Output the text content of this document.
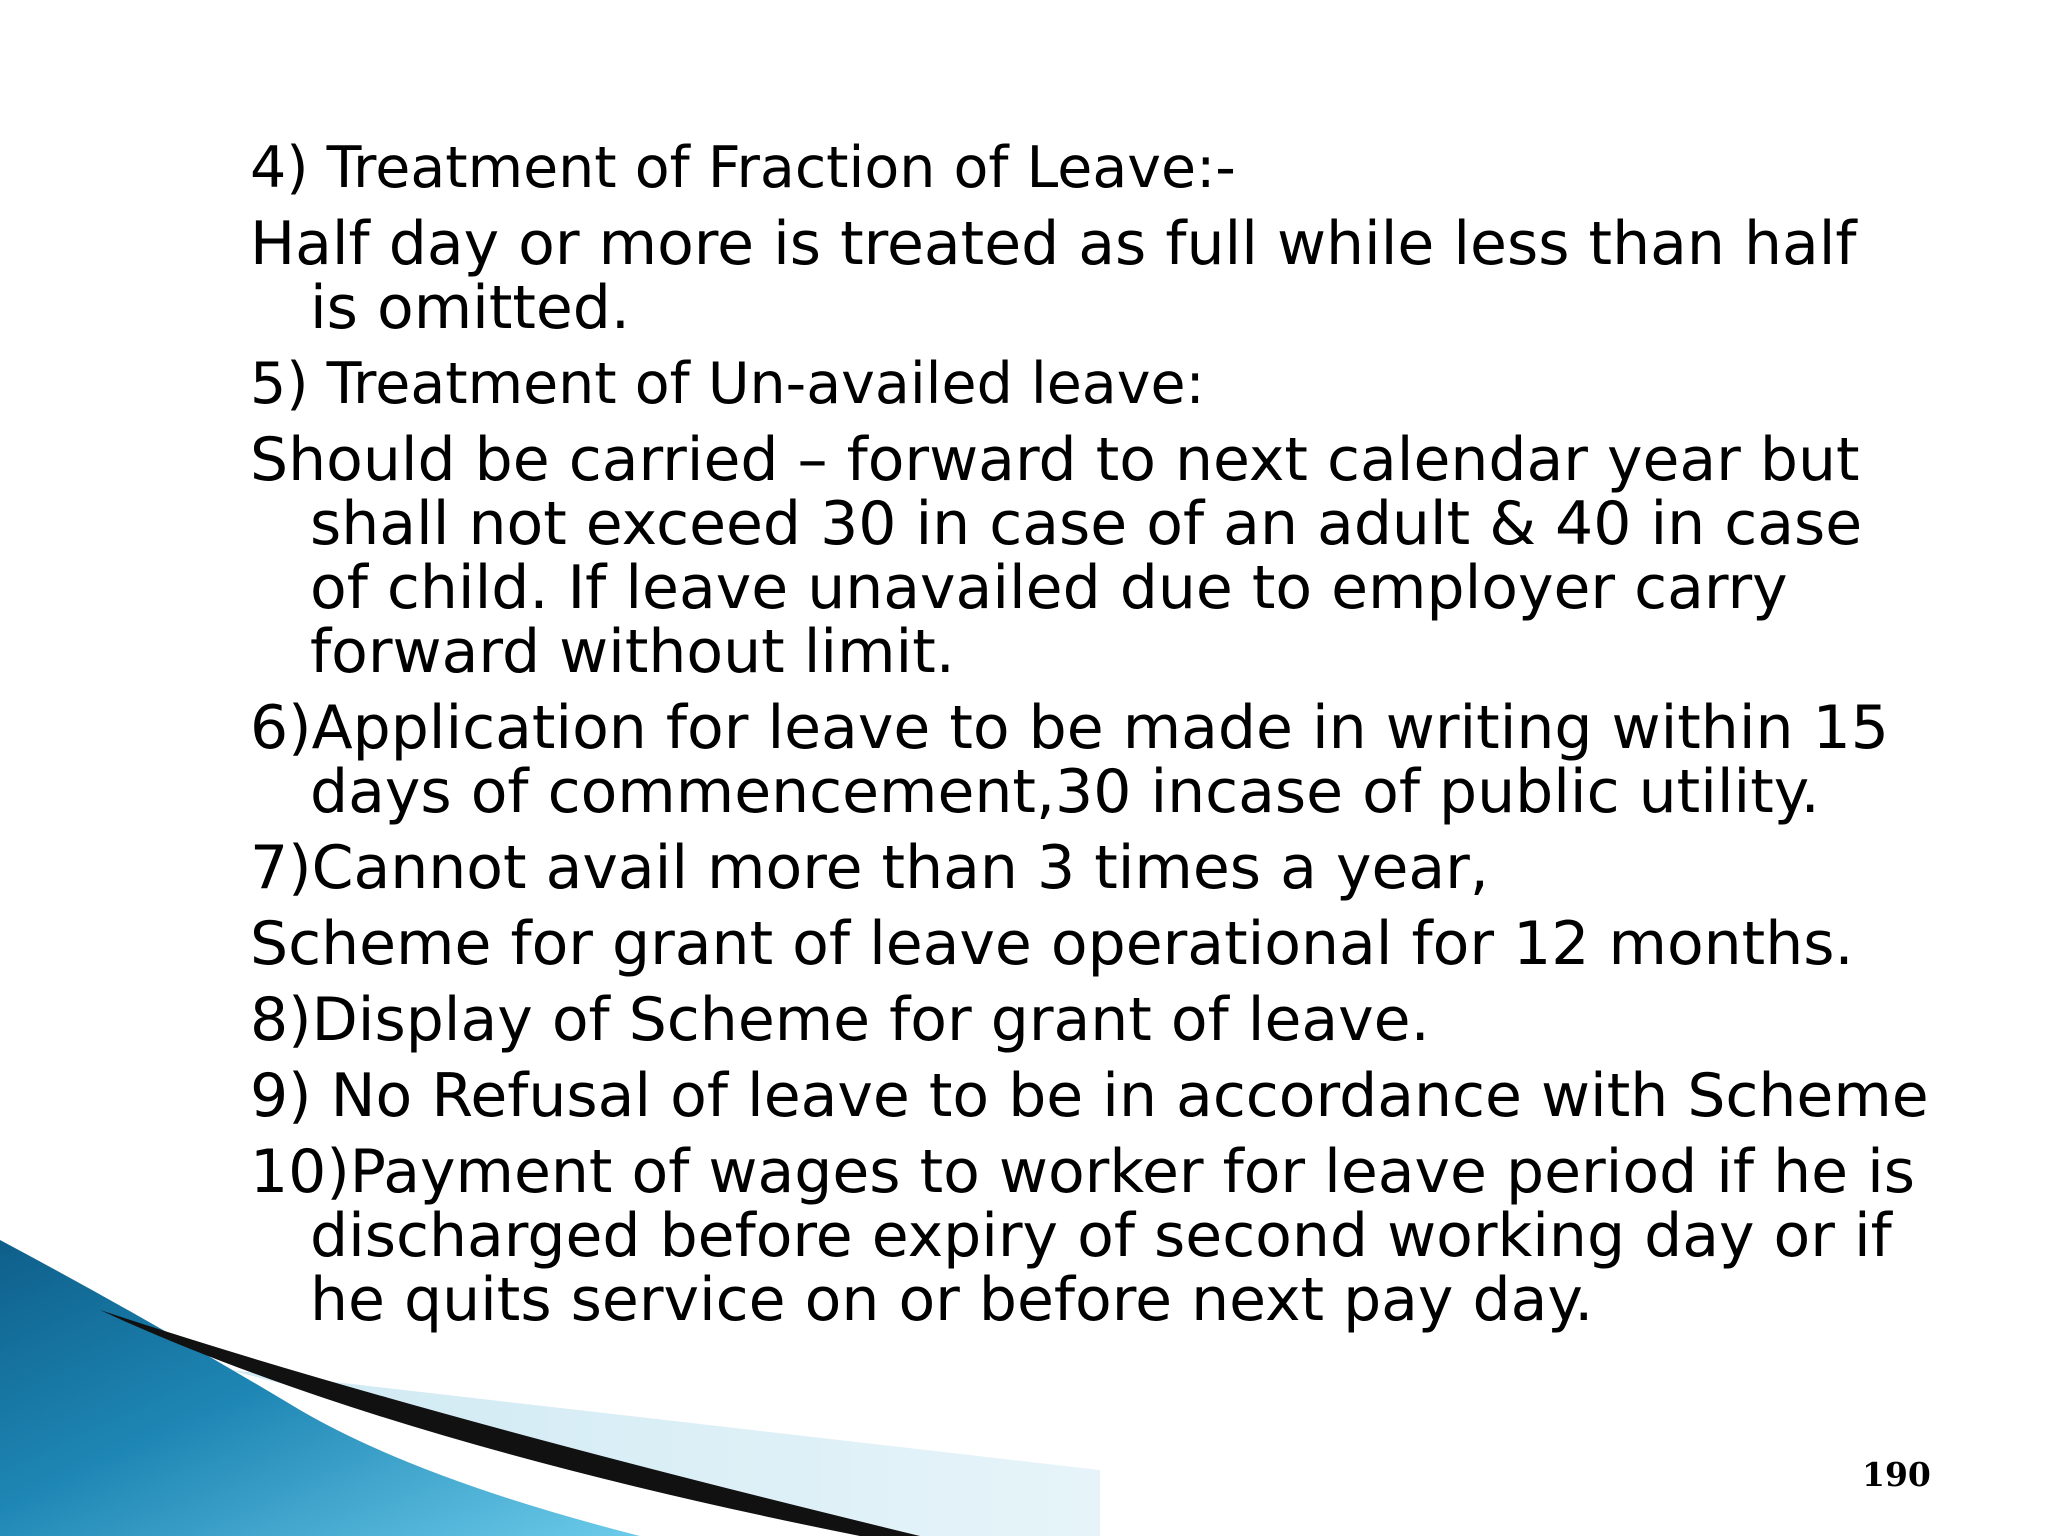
4) Treatment of Fraction of Leave:-
Half day or more is treated as full while less than half
is omitted.
5) Treatment of Un-availed leave:
Should be carried – forward to next calendar year but
shall not exceed 30 in case of an adult & 40 in case
of child. If leave unavailed due to employer carry
forward without limit.
6)Application for leave to be made in writing within 15
days of commencement,30 incase of public utility.
7)Cannot avail more than 3 times a year,
Scheme for grant of leave operational for 12 months.
8)Display of Scheme for grant of leave.
9) No Refusal of leave to be in accordance with Scheme
10)Payment of wages to worker for leave period if he is
discharged before expiry of second working day or if
he quits service on or before next pay day.
190
